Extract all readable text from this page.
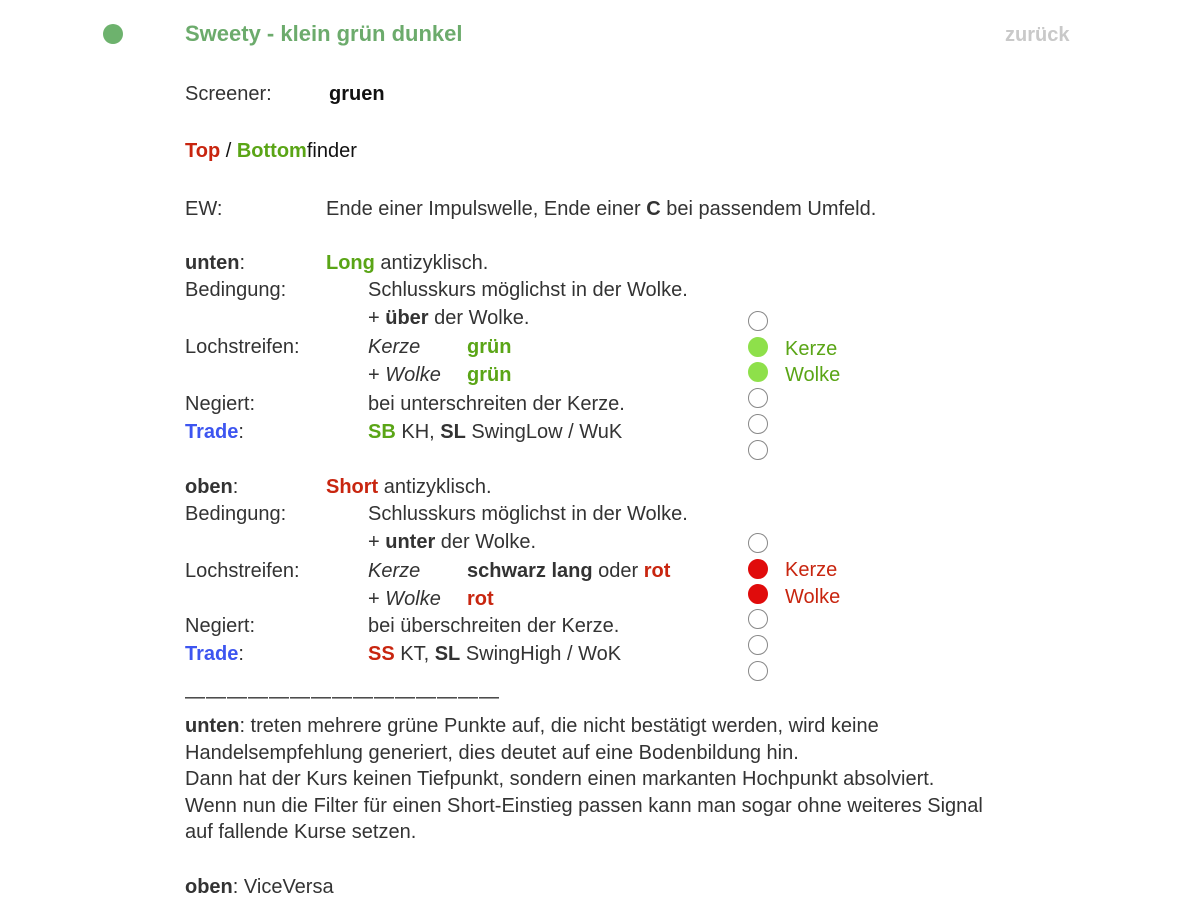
Sweety - klein grün dunkel	zurück
Screener:	gruen
Top / Bottomfinder
EW:	Ende einer Impulswelle, Ende einer C bei passendem Umfeld.
unten:	Long antizyklisch.
Bedingung:	Schlusskurs möglichst in der Wolke.
+ über der Wolke.
Lochstreifen:	Kerze grün
+ Wolke grün
Negiert:	bei unterschreiten der Kerze.
Trade:	SB KH, SL SwingLow / WuK
Kerze
Wolke
oben:	Short antizyklisch.
Bedingung:	Schlusskurs möglichst in der Wolke.
+ unter der Wolke.
Lochstreifen:	Kerze schwarz lang oder rot
+ Wolke rot
Negiert:	bei überschreiten der Kerze.
Trade:	SS KT, SL SwingHigh / WoK
Kerze
Wolke
———————————————
unten: treten mehrere grüne Punkte auf, die nicht bestätigt werden, wird keine
Handelsempfehlung generiert, dies deutet auf eine Bodenbildung hin.
Dann hat der Kurs keinen Tiefpunkt, sondern einen markanten Hochpunkt absolviert.
Wenn nun die Filter für einen Short-Einstieg passen kann man sogar ohne weiteres Signal
auf fallende Kurse setzen.
oben: ViceVersa
